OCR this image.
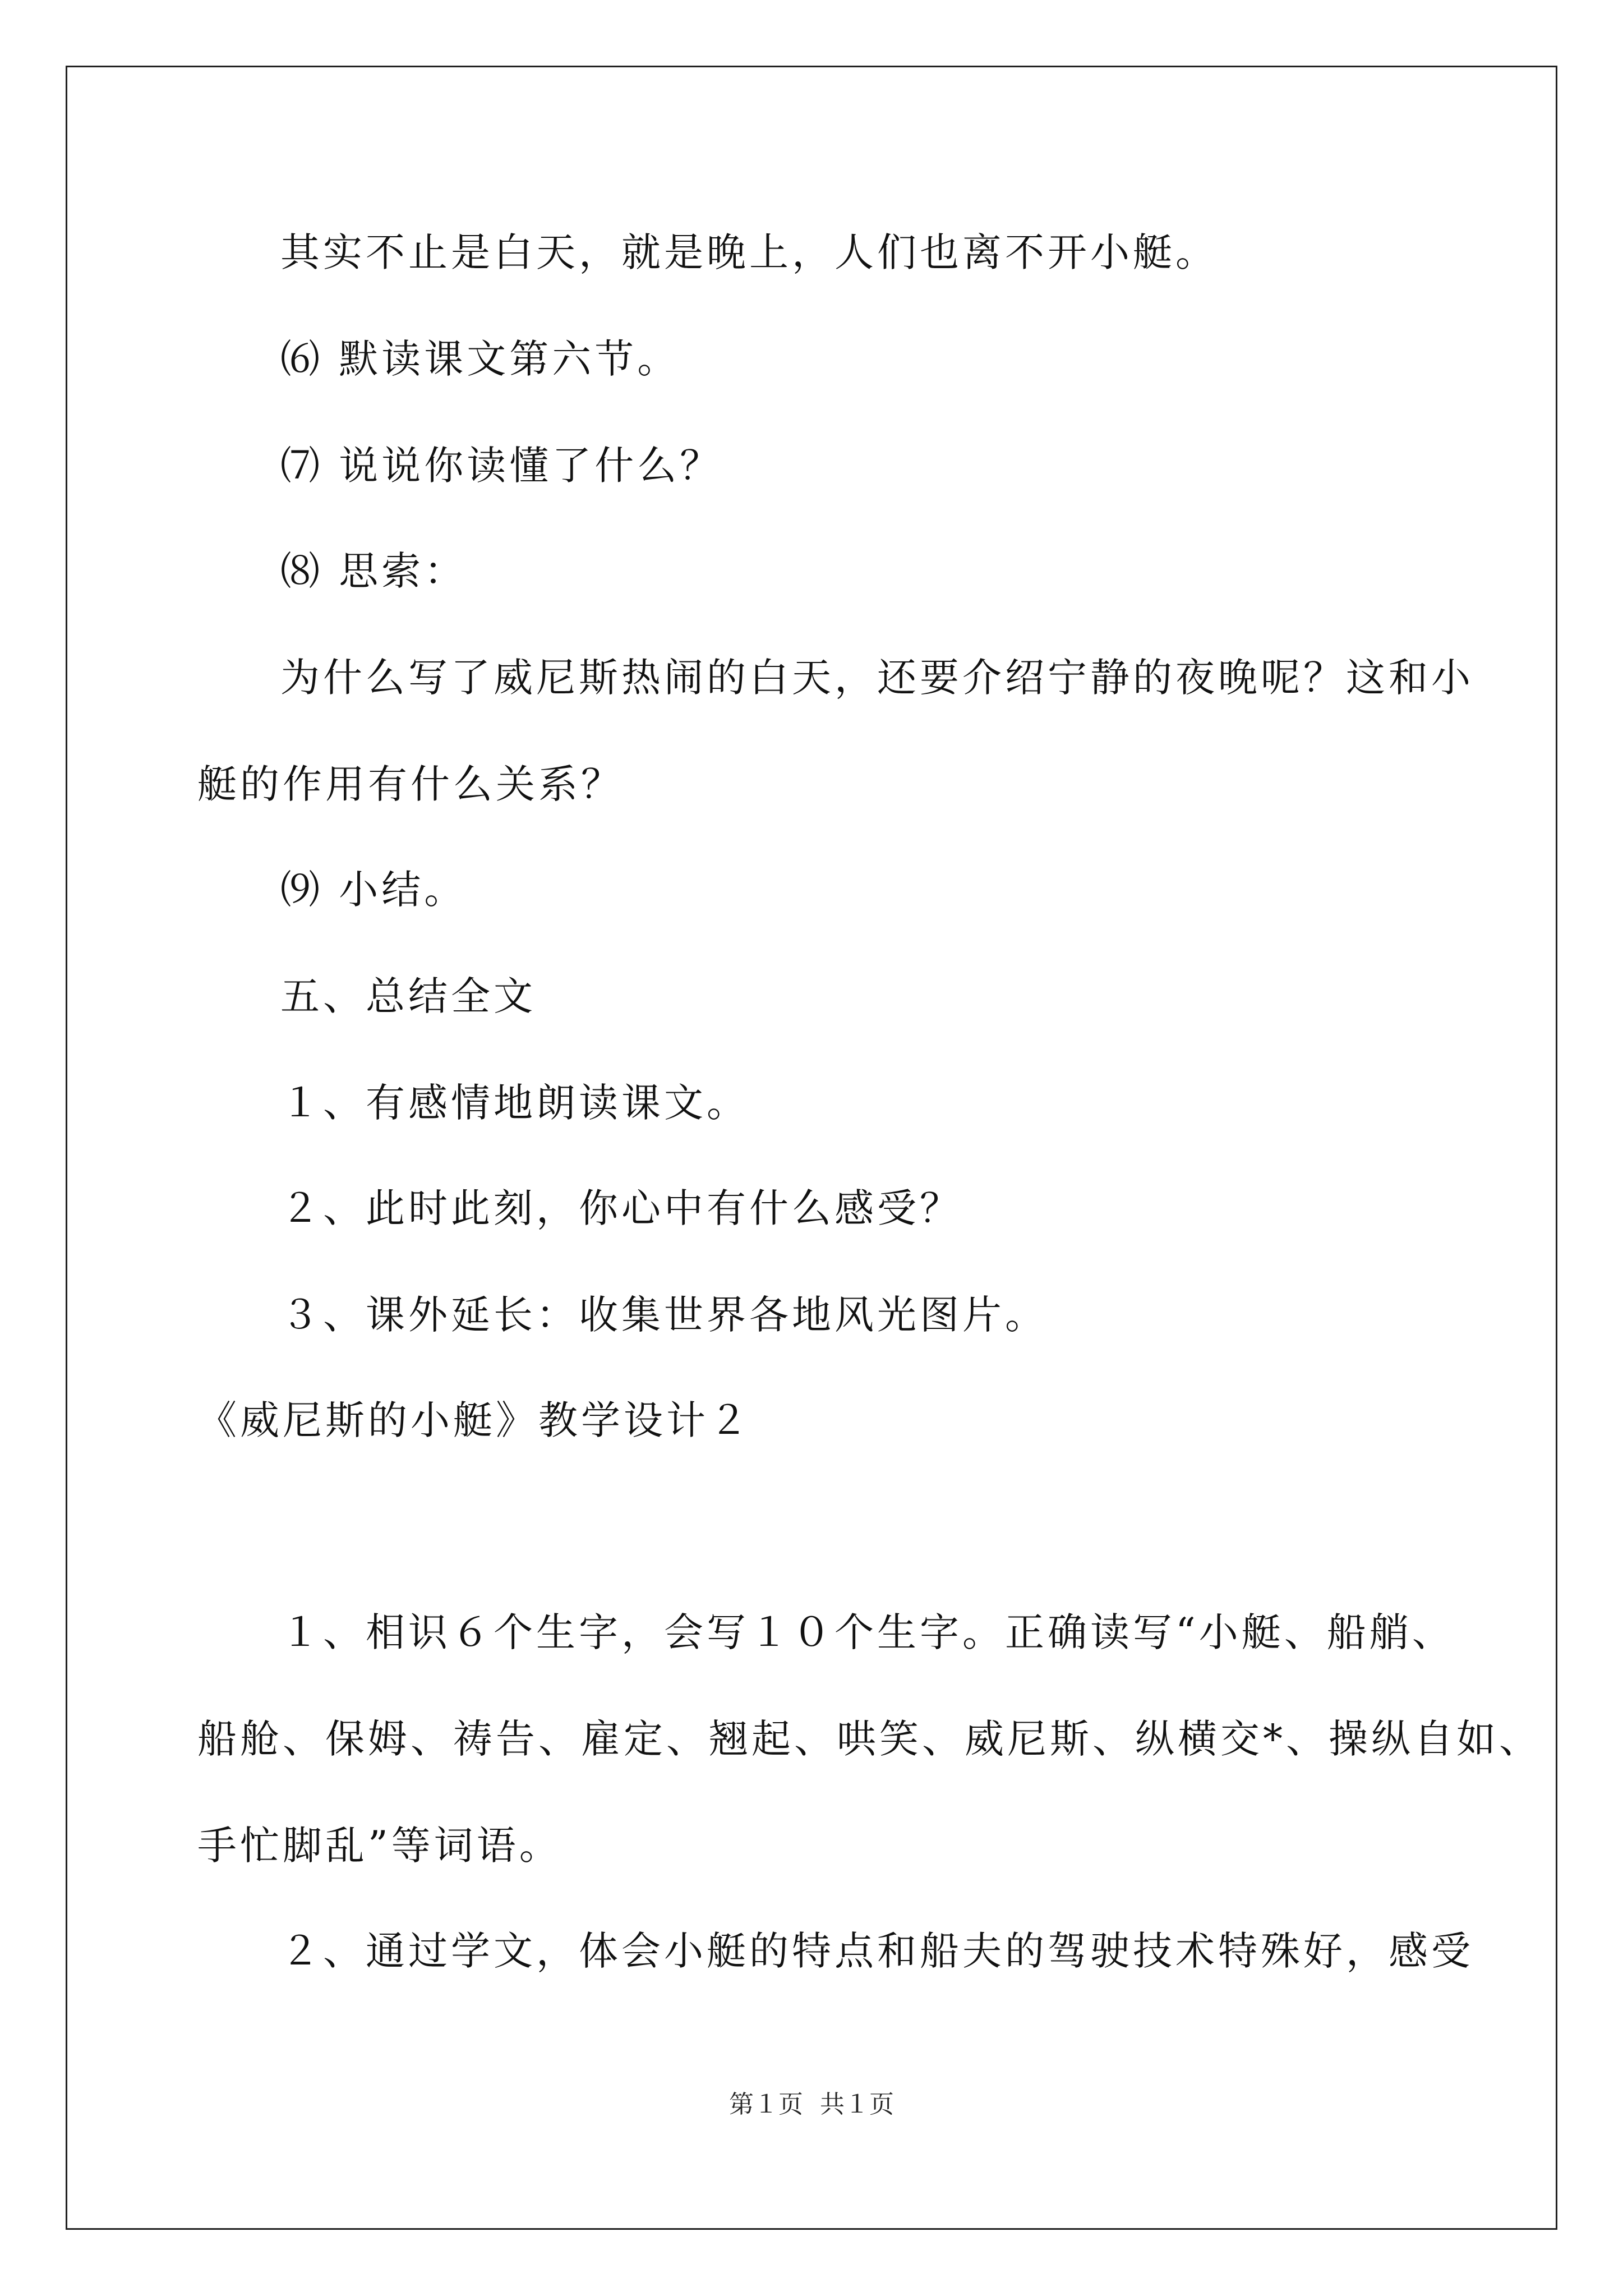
其实不止是白天，就是晚上，人们也离不开小艇。
⑹ 默读课文第六节。
⑺ 说说你读懂了什么？
⑻ 思索：
为什么写了威尼斯热闹的白天，还要介绍宁静的夜晚呢？这和小
艇的作用有什么关系？
⑼ 小结。
五、总结全文
１、有感情地朗读课文。
２、此时此刻，你心中有什么感受？
３、课外延长：收集世界各地风光图片。
《威尼斯的小艇》教学设计２
１、相识６个生字，会写１０个生字。正确读写“小艇、船艄、
船舱、保姆、祷告、雇定、翘起、哄笑、威尼斯、纵横交*、操纵自如、
手忙脚乱”等词语。
２、通过学文，体会小艇的特点和船夫的驾驶技术特殊好，感受
第１页 共１页
